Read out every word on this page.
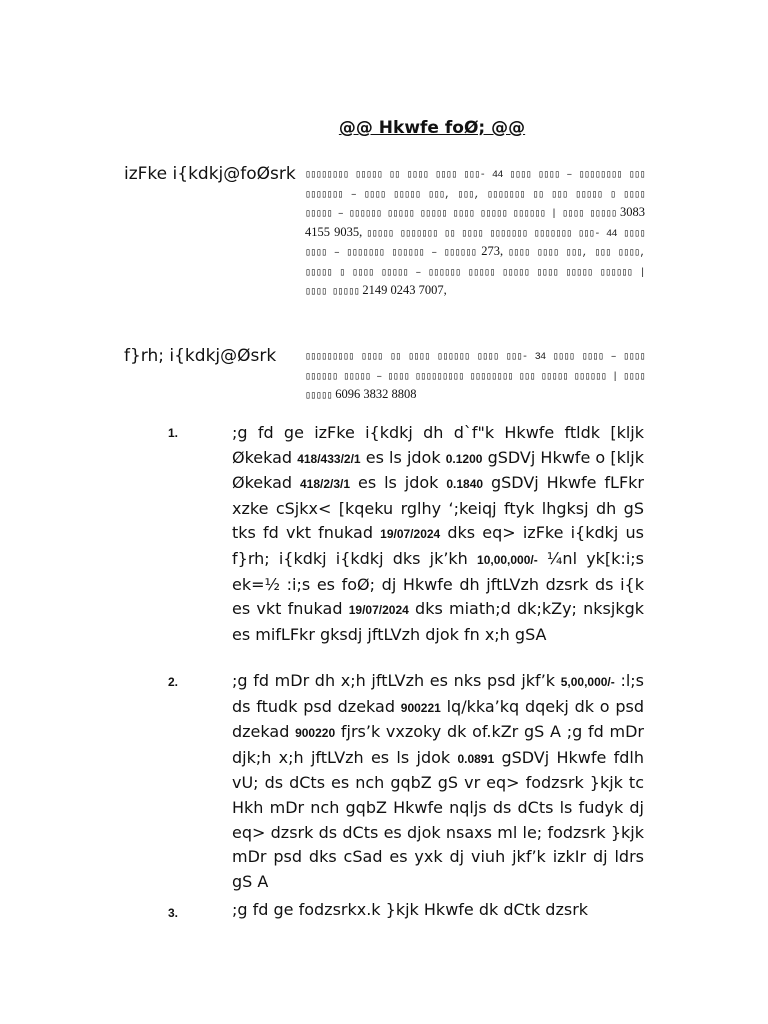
@@ Hkwfe foØ; @@
izFke i{kdkj@foØsrk ▯▯▯▯▯▯▯▯ ▯▯▯▯▯ ▯▯ ▯▯▯▯ ▯▯▯▯ ▯▯▯- 44 ▯▯▯▯ ▯▯▯▯ – ▯▯▯▯▯▯▯▯ ▯▯▯ ▯▯▯▯▯▯▯ – ▯▯▯▯ ▯▯▯▯▯ ▯▯▯, ▯▯▯, ▯▯▯▯▯▯▯ ▯▯ ▯▯▯ ▯▯▯▯▯ ▯ ▯▯▯▯ ▯▯▯▯▯ – ▯▯▯▯▯▯ ▯▯▯▯▯ ▯▯▯▯▯ ▯▯▯▯ ▯▯▯▯▯ ▯▯▯▯▯▯ | ▯▯▯▯ ▯▯▯▯▯ 3083 4155 9035, ▯▯▯▯▯ ▯▯▯▯▯▯▯ ▯▯ ▯▯▯▯ ▯▯▯▯▯▯▯ ▯▯▯▯▯▯▯ ▯▯▯- 44 ▯▯▯▯ ▯▯▯▯ – ▯▯▯▯▯▯▯ ▯▯▯▯▯▯ – ▯▯▯▯▯▯ 273, ▯▯▯▯ ▯▯▯▯ ▯▯▯, ▯▯▯ ▯▯▯▯, ▯▯▯▯▯ ▯ ▯▯▯▯ ▯▯▯▯▯ – ▯▯▯▯▯▯ ▯▯▯▯▯ ▯▯▯▯▯ ▯▯▯▯ ▯▯▯▯▯ ▯▯▯▯▯▯ | ▯▯▯▯ ▯▯▯▯▯ 2149 0243 7007,
f}rh; i{kdkj@Øsrk	▯▯▯▯▯▯▯▯▯ ▯▯▯▯ ▯▯ ▯▯▯▯ ▯▯▯▯▯▯ ▯▯▯▯ ▯▯▯- 34 ▯▯▯▯ ▯▯▯▯ – ▯▯▯▯ ▯▯▯▯▯▯ ▯▯▯▯▯ – ▯▯▯▯ ▯▯▯▯▯▯▯▯▯ ▯▯▯▯▯▯▯▯ ▯▯▯ ▯▯▯▯▯ ▯▯▯▯▯▯ | ▯▯▯▯ ▯▯▯▯▯ 6096 3832 8808
1.	;g fd ge izFke i{kdkj dh d`f"k Hkwfe ftldk [kljk Økekad 418/433/2/1 es ls jdok 0.1200 gSDVj Hkwfe o [kljk Økekad 418/2/3/1 es ls jdok 0.1840 gSDVj Hkwfe fLFkr xzke cSjkx< [kqeku rglhy ‘;keiqj ftyk lhgksj dh gS tks fd vkt fnukad 19/07/2024 dks eq> izFke i{kdkj us f}rh; i{kdkj i{kdkj dks jk’kh 10,00,000/- ¼nl yk[k:i;s ek=½ :i;s es foØ; dj Hkwfe dh jftLVzh dzsrk ds i{k es vkt fnukad 19/07/2024 dks miath;d dk;kZy; nksjkgk es mifLFkr gksdj jftLVzh djok fn x;h gSA
2.	;g fd mDr dh x;h jftLVzh es nks psd jkf’k 5,00,000/- :l;s ds ftudk psd dzekad 900221 lq/kka’kq dqekj dk o psd dzekad 900220 fjrs’k vxzoky dk of.kZr gS A ;g fd mDr djk;h x;h jftLVzh es ls jdok 0.0891 gSDVj Hkwfe fdlh vU; ds dCts es nch gqbZ gS vr eq> fodzsrk }kjk tc Hkh mDr nch gqbZ Hkwfe nqljs ds dCts ls fudyk dj eq> dzsrk ds dCts es djok nsaxs ml le; fodzsrk }kjk mDr psd dks cSad es yxk dj viuh jkf’k izkIr dj ldrs gS A
3.	;g fd ge fodzsrkx.k }kjk Hkwfe dk dCtk dzsrk
